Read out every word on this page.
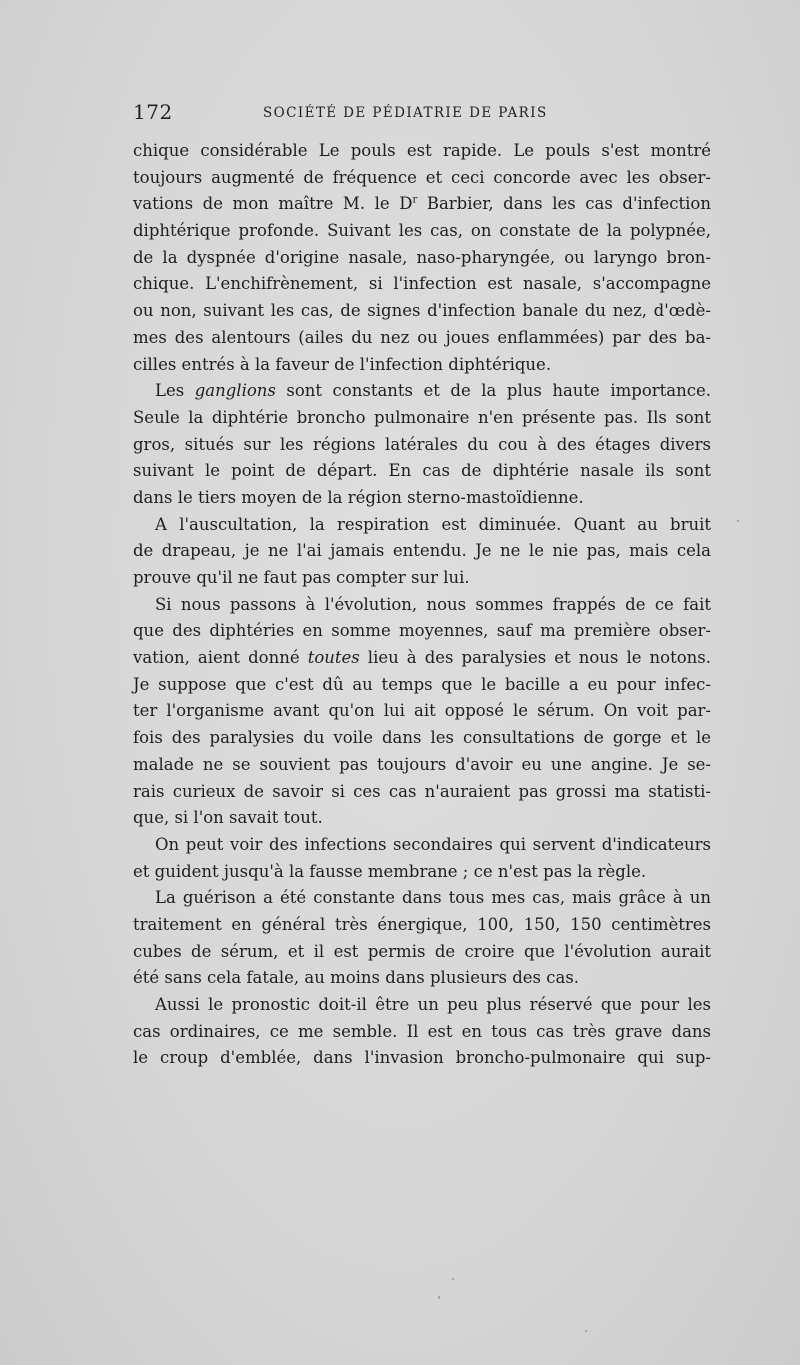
172	SOCIÉTÉ DE PÉDIATRIE DE PARIS
chique considérable Le pouls est rapide. Le pouls s'est montré
toujours augmenté de fréquence et ceci concorde avec les obser-
vations de mon maître M. le $D^r$ Barbier, dans les cas d'infection
diphtérique profonde. Suivant les cas, on constate de la polypnée,
de la dyspnée d'origine nasale, naso-pharyngée, ou laryngo bron-
chique. L'enchifrènement, si l'infection est nasale, s'accompagne
ou non, suivant les cas, de signes d'infection banale du nez, d'œdè-
mes des alentours (ailes du nez ou joues enflammées) par des ba-
cilles entrés à la faveur de l'infection diphtérique.
Les ganglions sont constants et de la plus haute importance.
Seule la diphtérie broncho pulmonaire n'en présente pas. Ils sont
gros, situés sur les régions latérales du cou à des étages divers
suivant le point de départ. En cas de diphtérie nasale ils sont
dans le tiers moyen de la région sterno-mastoïdienne.
A l'auscultation, la respiration est diminuée. Quant au bruit
de drapeau, je ne l'ai jamais entendu. Je ne le nie pas, mais cela
prouve qu'il ne faut pas compter sur lui.
Si nous passons à l'évolution, nous sommes frappés de ce fait
que des diphtéries en somme moyennes, sauf ma première obser-
vation, aient donné toutes lieu à des paralysies et nous le notons.
Je suppose que c'est dû au temps que le bacille a eu pour infec-
ter l'organisme avant qu'on lui ait opposé le sérum. On voit par-
fois des paralysies du voile dans les consultations de gorge et le
malade ne se souvient pas toujours d'avoir eu une angine. Je se-
rais curieux de savoir si ces cas n'auraient pas grossi ma statisti-
que, si l'on savait tout.
On peut voir des infections secondaires qui servent d'indicateurs
et guident jusqu'à la fausse membrane ; ce n'est pas la règle.
La guérison a été constante dans tous mes cas, mais grâce à un
traitement en général très énergique, 100, 150, 150 centimètres
cubes de sérum, et il est permis de croire que l'évolution aurait
été sans cela fatale, au moins dans plusieurs des cas.
Aussi le pronostic doit-il être un peu plus réservé que pour les
cas ordinaires, ce me semble. Il est en tous cas très grave dans
le croup d'emblée, dans l'invasion broncho-pulmonaire qui sup-
